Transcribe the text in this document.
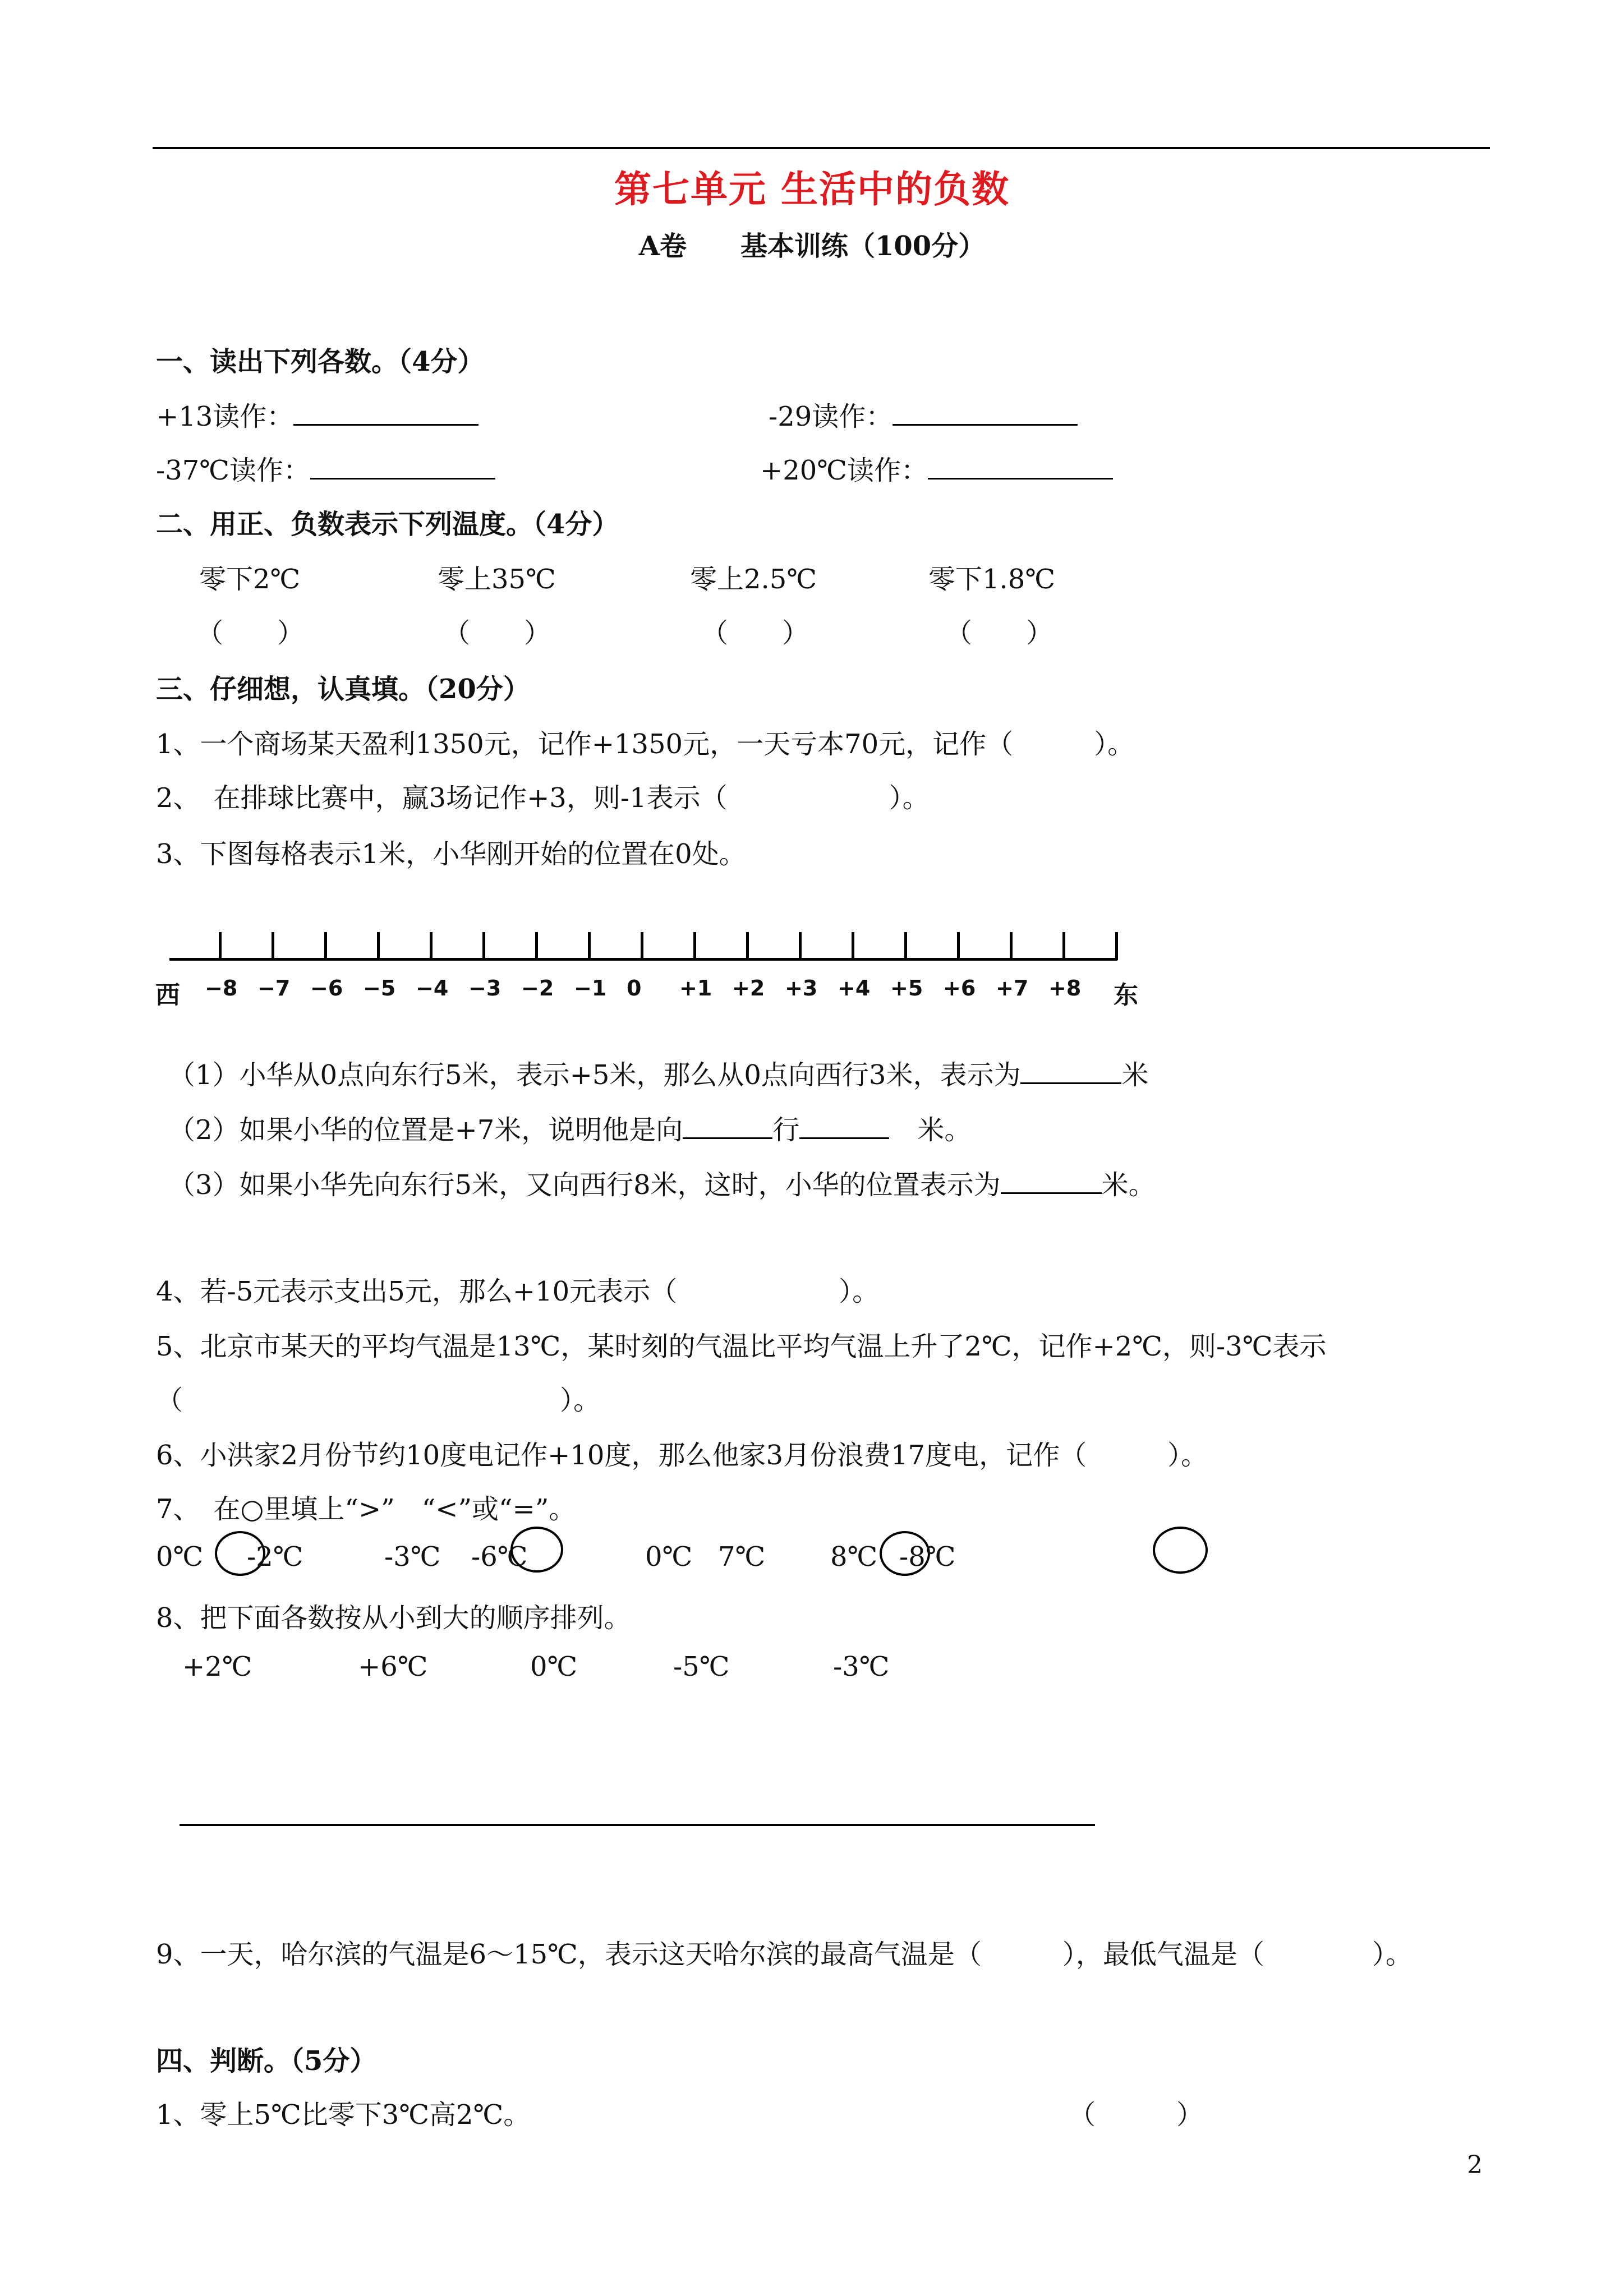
第七单元 生活中的负数
A卷　　基本训练（100分）
一、读出下列各数。（4分）
+13读作：	-29读作：
-37℃读作：	+20℃读作：
二、用正、负数表示下列温度。（4分）
零下2℃	零上35℃	零上2.5℃	零下1.8℃
（　　）	（　　）	（　　）	（　　）
三、仔细想，认真填。（20分）
1、一个商场某天盈利1350元，记作+1350元，一天亏本70元，记作（　　　）。
2、　在排球比赛中，赢3场记作+3，则-1表示（　　　　　　）。
3、下图每格表示1米，小华刚开始的位置在0处。
−8 −7 −6 −5 −4 −3 −2 −1 0 +1 +2 +3 +4 +5 +6 +7 +8
西	东
（1）小华从0点向东行5米，表示+5米，那么从0点向西行3米，表示为	米
（2）如果小华的位置是+7米，说明他是向	行	米。
（3）如果小华先向东行5米，又向西行8米，这时，小华的位置表示为	米。
4、若-5元表示支出5元，那么+10元表示（　　　　　　）。
5、北京市某天的平均气温是13℃，某时刻的气温比平均气温上升了2℃，记作+2℃，则-3℃表示
（　　　　　　　　　　　　　　）。
6、小洪家2月份节约10度电记作+10度，那么他家3月份浪费17度电，记作（　　　）。
7、　在○里填上“>”　“<”或“=”。
0℃ -2℃	-3℃ -6℃	0℃ 7℃ 8℃ -8℃
8、把下面各数按从小到大的顺序排列。
+2℃	+6℃	0℃	-5℃	-3℃
9、一天，哈尔滨的气温是6～15℃，表示这天哈尔滨的最高气温是（　　　），最低气温是（　　　　）。
四、判断。（5分）
1、零上5℃比零下3℃高2℃。	（　　　）
2
